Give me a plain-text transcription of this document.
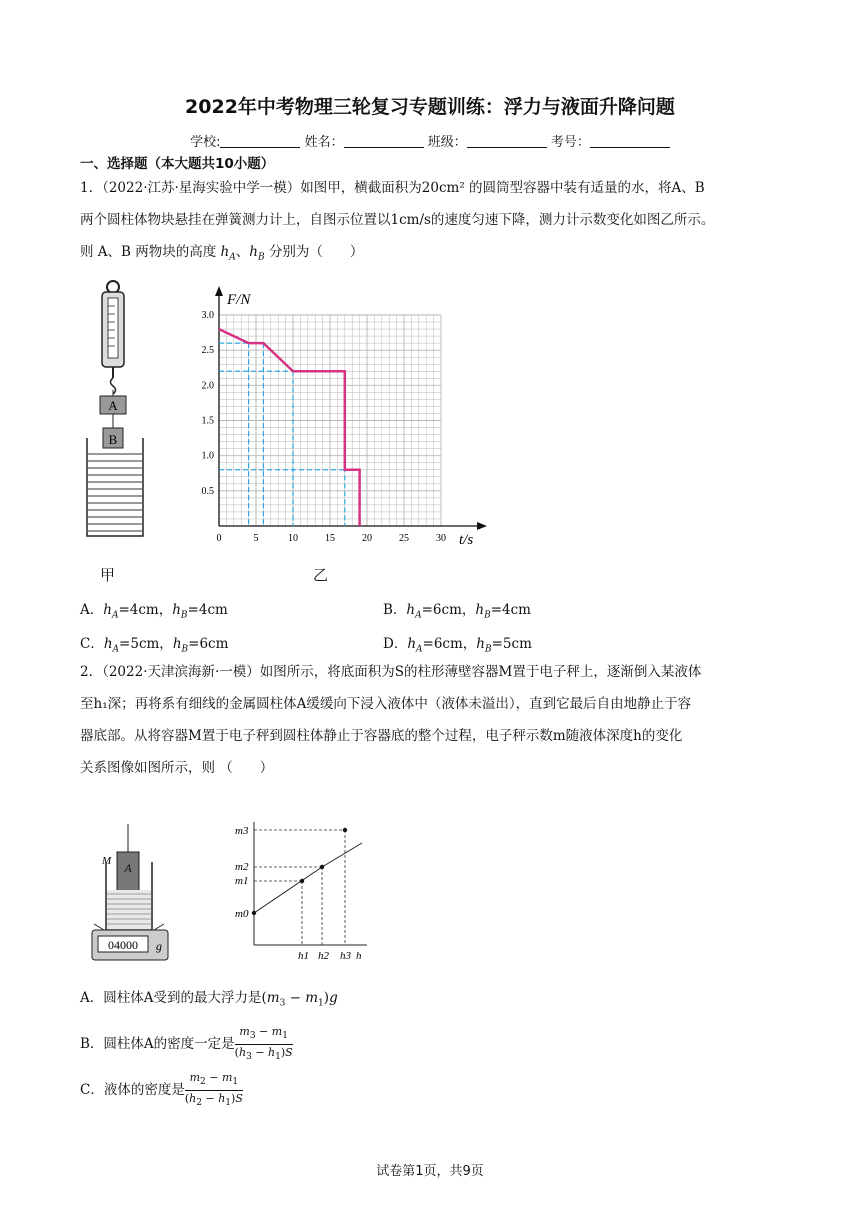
2022年中考物理三轮复习专题训练：浮力与液面升降问题
学校:	姓名：	班级：	考号：
一、选择题（本大题共10小题）
1．（2022·江苏·星海实验中学一模）如图甲，横截面积为20cm² 的圆筒型容器中装有适量的水，将A、B
两个圆柱体物块悬挂在弹簧测力计上，自图示位置以1cm/s的速度匀速下降，测力计示数变化如图乙所示。
则 A、B 两物块的高度 $h_A$、$h_B$ 分别为（　　）
A
B
0	5	10	15	20	25	30
0.5
1.0
1.5
2.0
2.5
3.0
F/N
t/s
甲	乙
A．$h_A=4cm$，$h_B=4cm$	B．$h_A=6cm$，$h_B=4cm$
C．$h_A=5cm$，$h_B=6cm$	D．$h_A=6cm$，$h_B=5cm$
2．（2022·天津滨海新·一模）如图所示，将底面积为S的柱形薄壁容器M置于电子秤上，逐渐倒入某液体
至h₁深；再将系有细线的金属圆柱体A缓缓向下浸入液体中（液体未溢出），直到它最后自由地静止于容
器底部。从将容器M置于电子秤到圆柱体静止于容器底的整个过程，电子秤示数m随液体深度h的变化
关系图像如图所示，则 （　　）
A
M
04000 g
m3
m2
m1
m0
h1 h2 h3 h
A．圆柱体A受到的最大浮力是$(m_3 - m_1)g$
B．圆柱体A的密度一定是 $\frac{m_3 - m_1}{(h_3 - h_1)S}$
C．液体的密度是 $\frac{m_2 - m_1}{(h_2 - h_1)S}$
试卷第1页，共9页
